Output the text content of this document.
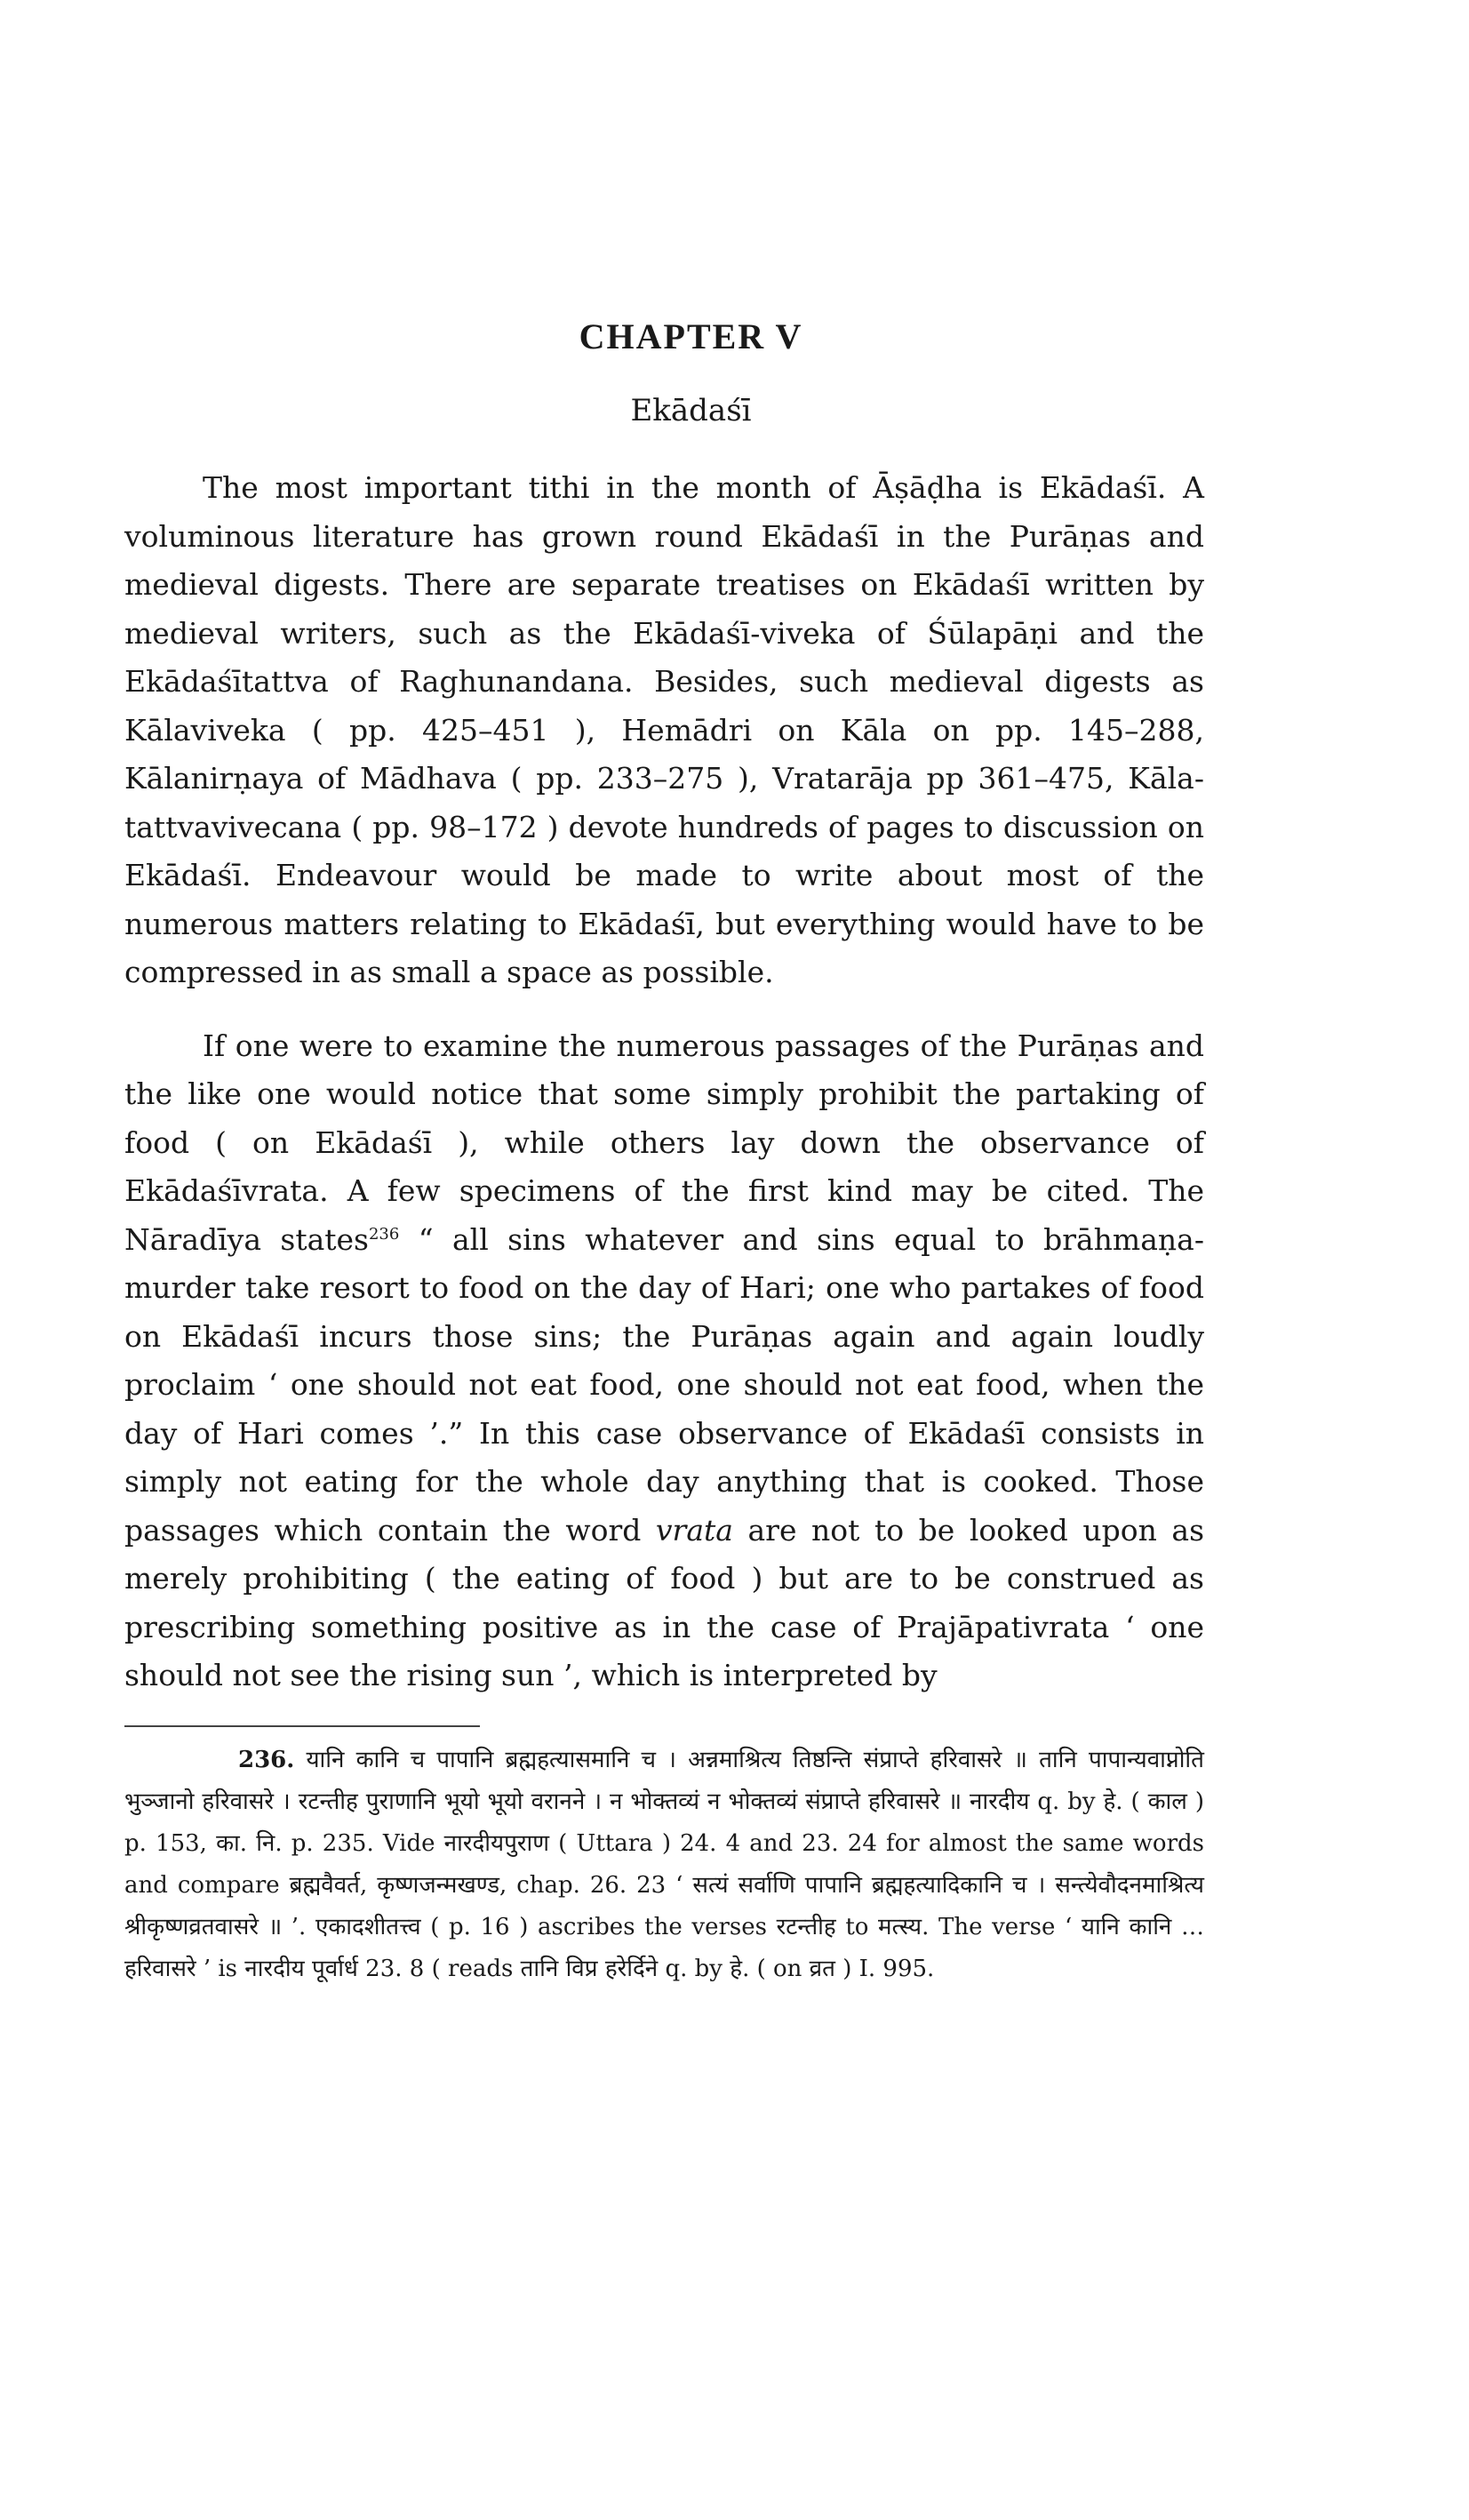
CHAPTER V
Ekādaśī

The most important tithi in the month of Āṣāḍha is Ekādaśī. A voluminous literature has grown round Ekādaśī in the Purāṇas and medieval digests. There are separate treatises on Ekādaśī written by medieval writers, such as the Ekādaśī-viveka of Śūlapāṇi and the Ekādaśītattva of Raghunandana. Besides, such medieval digests as Kālaviveka ( pp. 425–451 ), Hemādri on Kāla on pp. 145–288, Kālanirṇaya of Mādhava ( pp. 233–275 ), Vratarāja pp 361–475, Kāla-tattvavivecana ( pp. 98–172 ) devote hundreds of pages to discussion on Ekādaśī. Endeavour would be made to write about most of the numerous matters relating to Ekādaśī, but everything would have to be compressed in as small a space as possible.

If one were to examine the numerous passages of the Purāṇas and the like one would notice that some simply prohibit the partaking of food ( on Ekādaśī ), while others lay down the observance of Ekādaśīvrata. A few specimens of the first kind may be cited. The Nāradīya states$^{236}$ “ all sins whatever and sins equal to brāhmaṇa-murder take resort to food on the day of Hari; one who partakes of food on Ekādaśī incurs those sins; the Purāṇas again and again loudly proclaim ‘ one should not eat food, one should not eat food, when the day of Hari comes ’.” In this case observance of Ekādaśī consists in simply not eating for the whole day anything that is cooked. Those passages which contain the word vrata are not to be looked upon as merely prohibiting ( the eating of food ) but are to be construed as prescribing something positive as in the case of Prajāpativrata ‘ one should not see the rising sun ’, which is interpreted by

236. यानि कानि च पापानि ब्रह्महत्यासमानि च । अन्नमाश्रित्य तिष्ठन्ति संप्राप्ते हरिवासरे ॥ तानि पापान्यवाप्नोति भुञ्जानो हरिवासरे । रटन्तीह पुराणानि भूयो भूयो वरानने । न भोक्तव्यं न भोक्तव्यं संप्राप्ते हरिवासरे ॥ नारदीय q. by हे. ( काल ) p. 153, का. नि. p. 235. Vide नारदीयपुराण ( Uttara ) 24. 4 and 23. 24 for almost the same words and compare ब्रह्मवैवर्त, कृष्णजन्मखण्ड, chap. 26. 23 ‘ सत्यं सर्वाणि पापानि ब्रह्महत्यादिकानि च । सन्त्येवौदनमाश्रित्य श्रीकृष्णव्रतवासरे ॥ ’. एकादशीतत्त्व ( p. 16 ) ascribes the verses रटन्तीह to मत्स्य. The verse ‘ यानि कानि … हरिवासरे ’ is नारदीय पूर्वार्ध 23. 8 ( reads तानि विप्र हरेर्दिने q. by हे. ( on व्रत ) I. 995.
